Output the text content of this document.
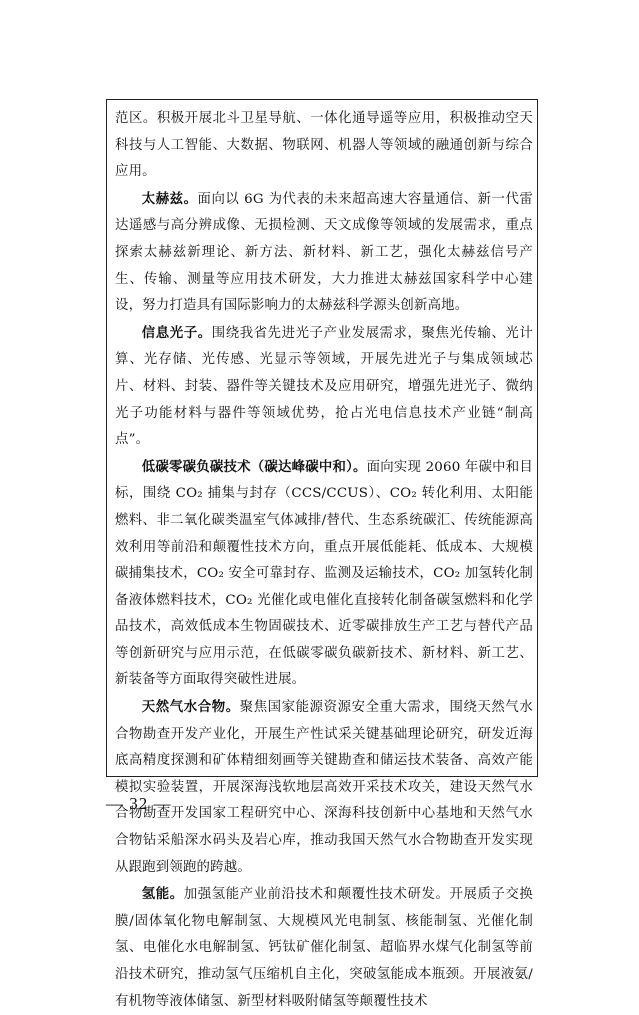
范区。积极开展北斗卫星导航、一体化通导遥等应用，积极推动空天科技与人工智能、大数据、物联网、机器人等领域的融通创新与综合应用。

太赫兹。面向以 6G 为代表的未来超高速大容量通信、新一代雷达遥感与高分辨成像、无损检测、天文成像等领域的发展需求，重点探索太赫兹新理论、新方法、新材料、新工艺，强化太赫兹信号产生、传输、测量等应用技术研发，大力推进太赫兹国家科学中心建设，努力打造具有国际影响力的太赫兹科学源头创新高地。

信息光子。围绕我省先进光子产业发展需求，聚焦光传输、光计算、光存储、光传感、光显示等领域，开展先进光子与集成领域芯片、材料、封装、器件等关键技术及应用研究，增强先进光子、微纳光子功能材料与器件等领域优势，抢占光电信息技术产业链“制高点”。

低碳零碳负碳技术（碳达峰碳中和）。面向实现 2060 年碳中和目标，围绕 CO₂ 捕集与封存（CCS/CCUS）、CO₂ 转化利用、太阳能燃料、非二氧化碳类温室气体减排/替代、生态系统碳汇、传统能源高效利用等前沿和颠覆性技术方向，重点开展低能耗、低成本、大规模碳捕集技术，CO₂ 安全可靠封存、监测及运输技术，CO₂ 加氢转化制备液体燃料技术，CO₂ 光催化或电催化直接转化制备碳氢燃料和化学品技术，高效低成本生物固碳技术、近零碳排放生产工艺与替代产品等创新研究与应用示范，在低碳零碳负碳新技术、新材料、新工艺、新装备等方面取得突破性进展。

天然气水合物。聚焦国家能源资源安全重大需求，围绕天然气水合物勘查开发产业化，开展生产性试采关键基础理论研究，研发近海底高精度探测和矿体精细刻画等关键勘查和储运技术装备、高效产能模拟实验装置，开展深海浅软地层高效开采技术攻关，建设天然气水合物勘查开发国家工程研究中心、深海科技创新中心基地和天然气水合物钻采船深水码头及岩心库，推动我国天然气水合物勘查开发实现从跟跑到领跑的跨越。

氢能。加强氢能产业前沿技术和颠覆性技术研发。开展质子交换膜/固体氧化物电解制氢、大规模风光电制氢、核能制氢、光催化制氢、电催化水电解制氢、钙钛矿催化制氢、超临界水煤气化制氢等前沿技术研究，推动氢气压缩机自主化，突破氢能成本瓶颈。开展液氨/有机物等液体储氢、新型材料吸附储氢等颠覆性技术

— 32 —
